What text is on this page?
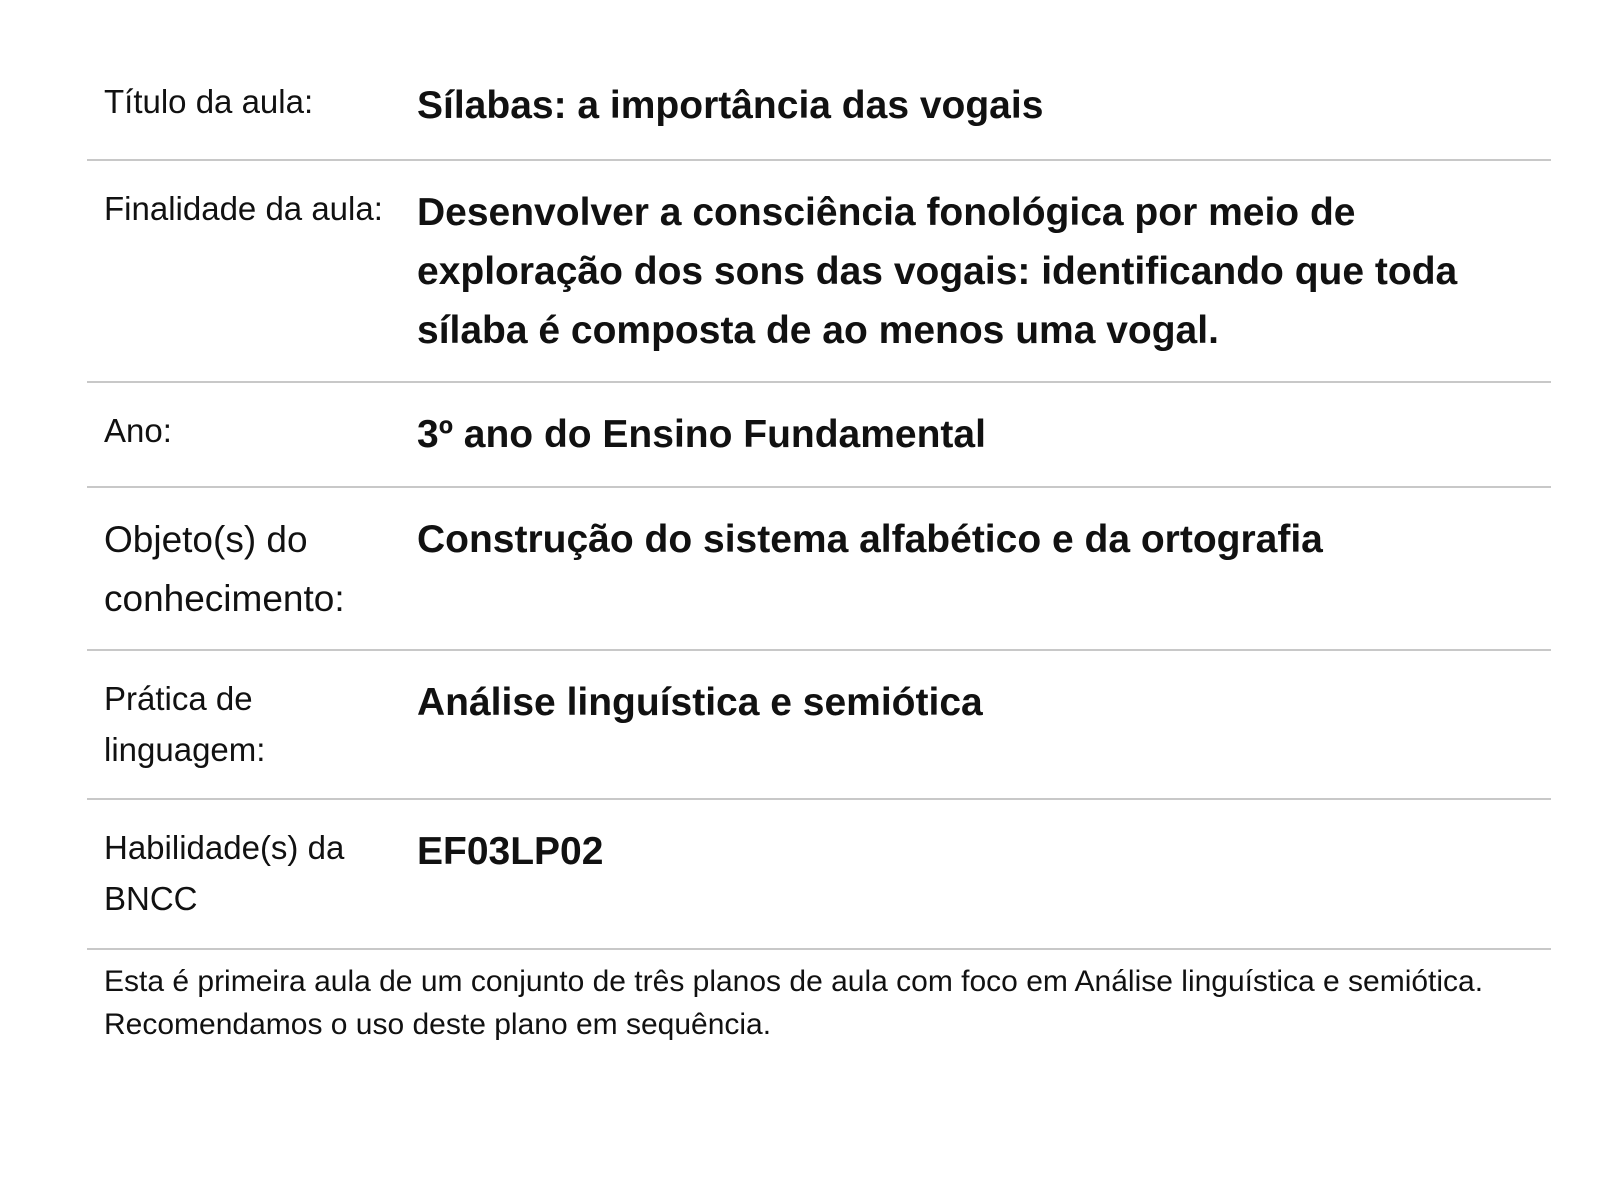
Título da aula:	Sílabas: a importância das vogais
Finalidade da aula: Desenvolver a consciência fonológica por meio de exploração dos sons das vogais: identificando que toda sílaba é composta de ao menos uma vogal.
Ano:	3º ano do Ensino Fundamental
Objeto(s) do conhecimento:
Construção do sistema alfabético e da ortografia
Prática de linguagem:
Análise linguística e semiótica
Habilidade(s) da BNCC
EF03LP02
Esta é primeira aula de um conjunto de três planos de aula com foco em Análise linguística e semiótica. Recomendamos o uso deste plano em sequência.
